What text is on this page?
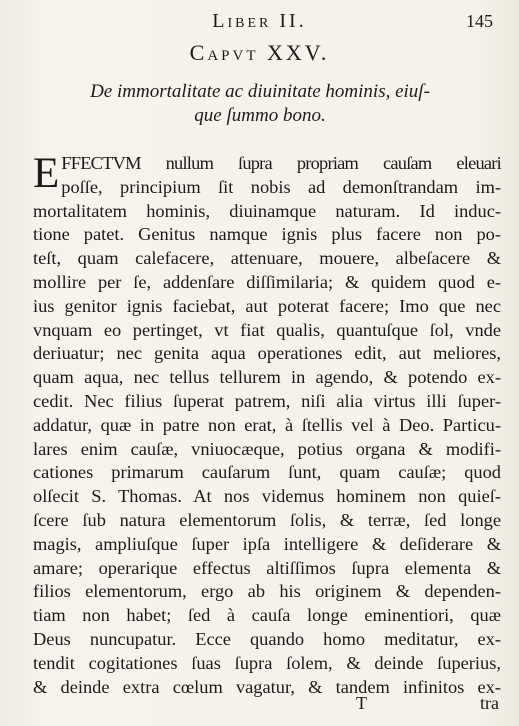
Liber II.	145
Capvt XXV.
De immortalitate ac diuinitate hominis, eiuſ-
que ſummo bono.
E FFECTVM nullum ſupra propriam cauſam eleuari
poſſe, principium ſit nobis ad demonſtrandam im-
mortalitatem hominis, diuinamque naturam. Id induc-
tione patet. Genitus namque ignis plus facere non po-
teſt, quam calefacere, attenuare, mouere, albeſacere &
mollire per ſe, addenſare diſſimilaria; & quidem quod e-
ius genitor ignis faciebat, aut poterat facere; Imo que nec
vnquam eo pertinget, vt fiat qualis, quantuſque ſol, vnde
deriuatur; nec genita aqua operationes edit, aut meliores,
quam aqua, nec tellus tellurem in agendo, & potendo ex-
cedit. Nec filius ſuperat patrem, niſi alia virtus illi ſuper-
addatur, quæ in patre non erat, à ſtellis vel à Deo. Particu-
lares enim cauſæ, vniuocæque, potius organa & modifi-
cationes primarum cauſarum ſunt, quam cauſæ; quod
olſecit S. Thomas. At nos videmus hominem non quieſ-
ſcere ſub natura elementorum ſolis, & terræ, ſed longe
magis, ampliuſque ſuper ipſa intelligere & deſiderare &
amare; operarique effectus altiſſimos ſupra elementa &
filios elementorum, ergo ab his originem & dependen-
tiam non habet; ſed à cauſa longe eminentiori, quæ
Deus nuncupatur. Ecce quando homo meditatur, ex-
tendit cogitationes ſuas ſupra ſolem, & deinde ſuperius,
& deinde extra cœlum vagatur, & tandem infinitos ex-
T	tra
